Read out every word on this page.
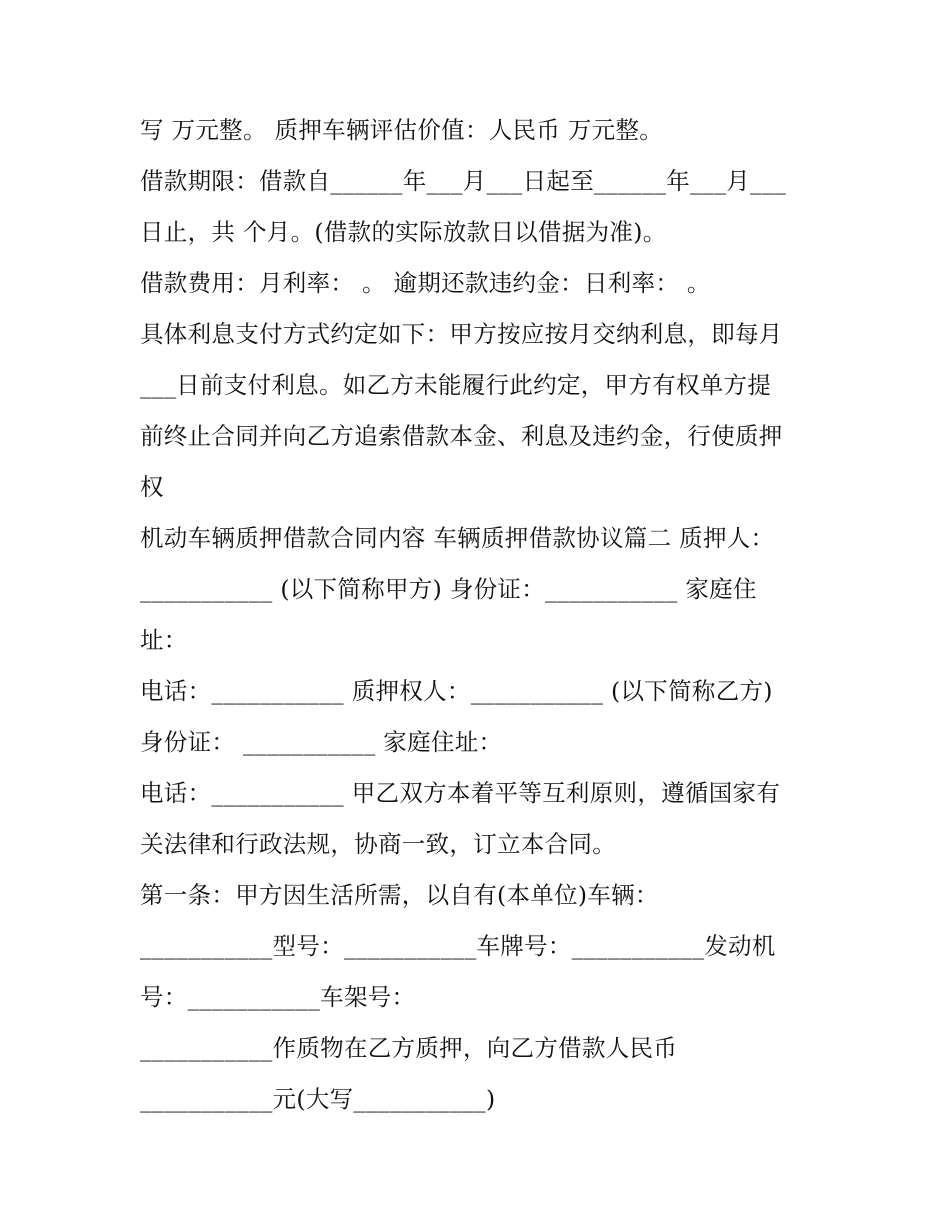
写 万元整。 质押车辆评估价值：人民币 万元整。
借款期限：借款自______年___月___日起至______年___月___
日止，共 个月。(借款的实际放款日以借据为准)。
借款费用：月利率： 。 逾期还款违约金：日利率： 。
具体利息支付方式约定如下：甲方按应按月交纳利息，即每月
___日前支付利息。如乙方未能履行此约定，甲方有权单方提
前终止合同并向乙方追索借款本金、利息及违约金，行使质押
权
机动车辆质押借款合同内容 车辆质押借款协议篇二 质押人：
___________ (以下简称甲方) 身份证：___________ 家庭住
址：
电话：___________ 质押权人：___________ (以下简称乙方)
身份证： ___________ 家庭住址：
电话：___________ 甲乙双方本着平等互利原则，遵循国家有
关法律和行政法规，协商一致，订立本合同。
第一条：甲方因生活所需，以自有(本单位)车辆：
___________型号：___________车牌号：___________发动机
号：___________车架号：
___________作质物在乙方质押，向乙方借款人民币
___________元(大写___________)
